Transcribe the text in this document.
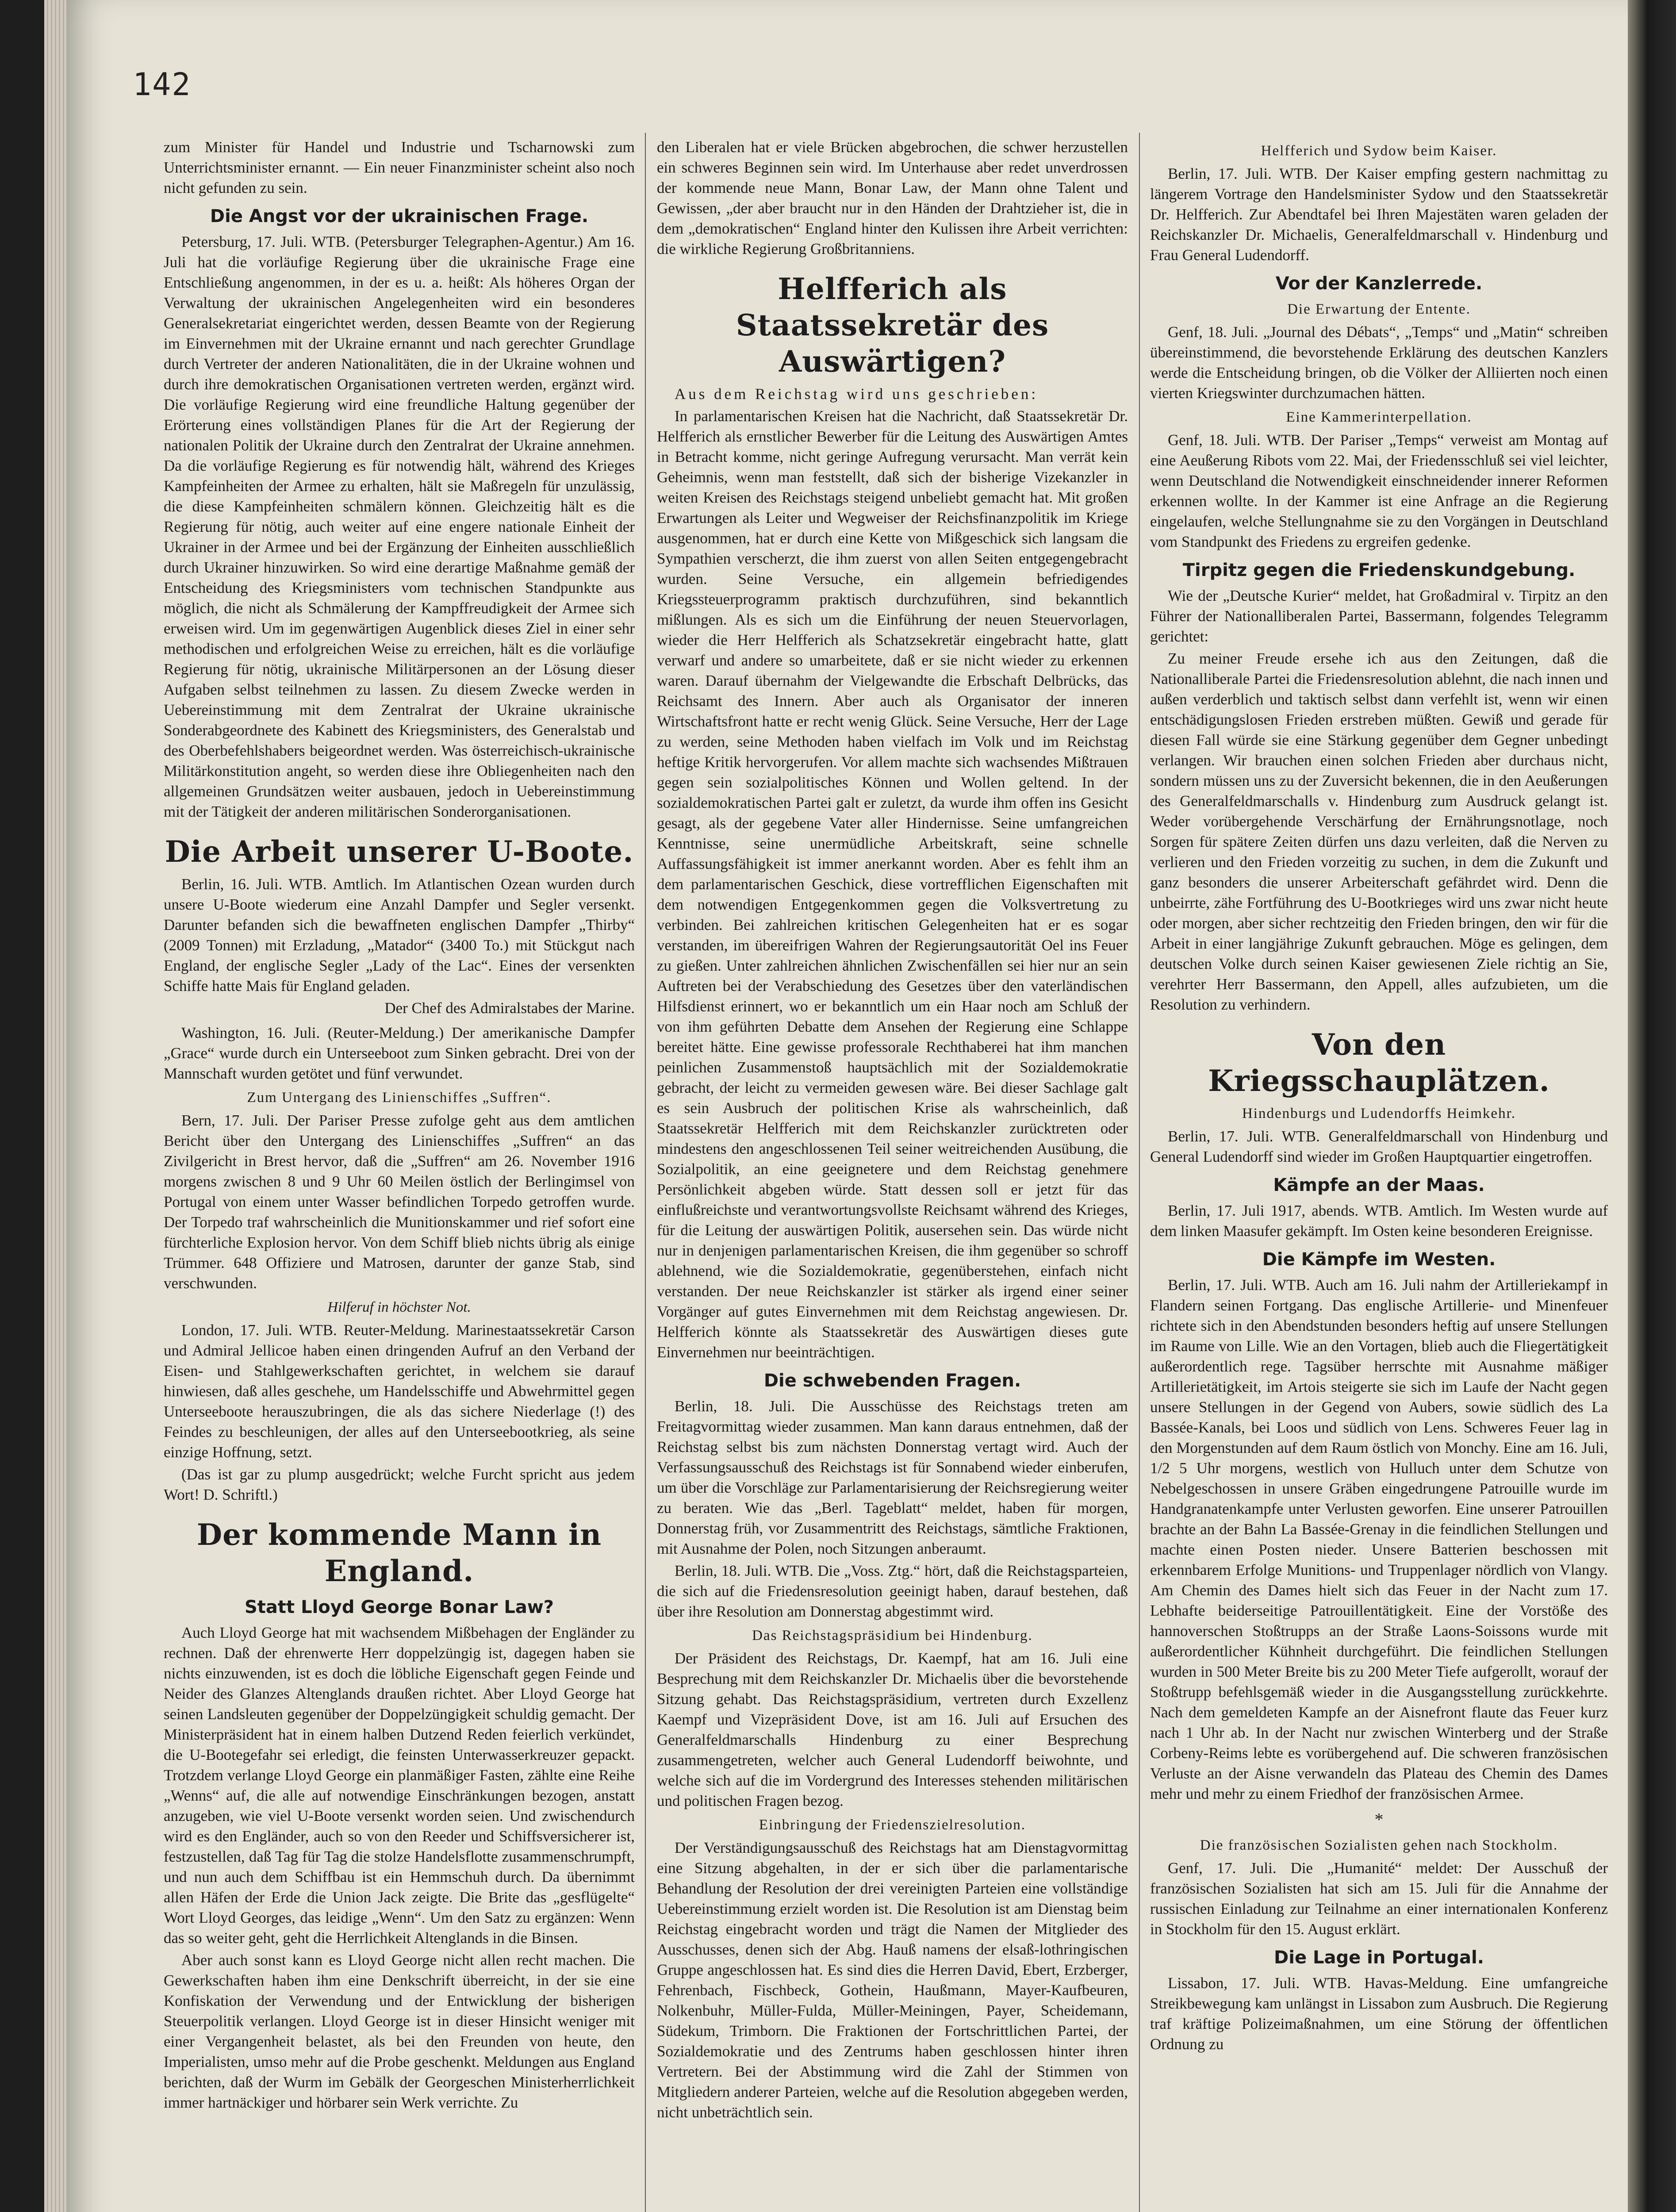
142

zum Minister für Handel und Industrie und Tscharnowski zum Unterrichtsminister ernannt. — Ein neuer Finanzminister scheint also noch nicht gefunden zu sein.

Die Angst vor der ukrainischen Frage.

Petersburg, 17. Juli. WTB. (Petersburger Telegraphen-Agentur.) Am 16. Juli hat die vorläufige Regierung über die ukrainische Frage eine Entschließung angenommen, in der es u. a. heißt: Als höheres Organ der Verwaltung der ukrainischen Angelegenheiten wird ein besonderes Generalsekretariat eingerichtet werden, dessen Beamte von der Regierung im Einvernehmen mit der Ukraine ernannt und nach gerechter Grundlage durch Vertreter der anderen Nationalitäten, die in der Ukraine wohnen und durch ihre demokratischen Organisationen vertreten werden, ergänzt wird. Die vorläufige Regierung wird eine freundliche Haltung gegenüber der Erörterung eines vollständigen Planes für die Art der Regierung der nationalen Politik der Ukraine durch den Zentralrat der Ukraine annehmen. Da die vorläufige Regierung es für notwendig hält, während des Krieges Kampfeinheiten der Armee zu erhalten, hält sie Maßregeln für unzulässig, die diese Kampfeinheiten schmälern können. Gleichzeitig hält es die Regierung für nötig, auch weiter auf eine engere nationale Einheit der Ukrainer in der Armee und bei der Ergänzung der Einheiten ausschließlich durch Ukrainer hinzuwirken. So wird eine derartige Maßnahme gemäß der Entscheidung des Kriegsministers vom technischen Standpunkte aus möglich, die nicht als Schmälerung der Kampffreudigkeit der Armee sich erweisen wird. Um im gegenwärtigen Augenblick dieses Ziel in einer sehr methodischen und erfolgreichen Weise zu erreichen, hält es die vorläufige Regierung für nötig, ukrainische Militärpersonen an der Lösung dieser Aufgaben selbst teilnehmen zu lassen. Zu diesem Zwecke werden in Uebereinstimmung mit dem Zentralrat der Ukraine ukrainische Sonderabgeordnete des Kabinett des Kriegsministers, des Generalstab und des Oberbefehlshabers beigeordnet werden. Was österreichisch-ukrainische Militärkonstitution angeht, so werden diese ihre Obliegenheiten nach den allgemeinen Grundsätzen weiter ausbauen, jedoch in Uebereinstimmung mit der Tätigkeit der anderen militärischen Sonderorganisationen.

Die Arbeit unserer U-Boote.

Berlin, 16. Juli. WTB. Amtlich. Im Atlantischen Ozean wurden durch unsere U-Boote wiederum eine Anzahl Dampfer und Segler versenkt. Darunter befanden sich die bewaffneten englischen Dampfer „Thirby“ (2009 Tonnen) mit Erzladung, „Matador“ (3400 To.) mit Stückgut nach England, der englische Segler „Lady of the Lac“. Eines der versenkten Schiffe hatte Mais für England geladen.

Der Chef des Admiralstabes der Marine.

Washington, 16. Juli. (Reuter-Meldung.) Der amerikanische Dampfer „Grace“ wurde durch ein Unterseeboot zum Sinken gebracht. Drei von der Mannschaft wurden getötet und fünf verwundet.

Zum Untergang des Linienschiffes „Suffren“.

Bern, 17. Juli. Der Pariser Presse zufolge geht aus dem amtlichen Bericht über den Untergang des Linienschiffes „Suffren“ an das Zivilgericht in Brest hervor, daß die „Suffren“ am 26. November 1916 morgens zwischen 8 und 9 Uhr 60 Meilen östlich der Berlingimsel von Portugal von einem unter Wasser befindlichen Torpedo getroffen wurde. Der Torpedo traf wahrscheinlich die Munitionskammer und rief sofort eine fürchterliche Explosion hervor. Von dem Schiff blieb nichts übrig als einige Trümmer. 648 Offiziere und Matrosen, darunter der ganze Stab, sind verschwunden.

Hilferuf in höchster Not.

London, 17. Juli. WTB. Reuter-Meldung. Marinestaatssekretär Carson und Admiral Jellicoe haben einen dringenden Aufruf an den Verband der Eisen- und Stahlgewerkschaften gerichtet, in welchem sie darauf hinwiesen, daß alles geschehe, um Handelsschiffe und Abwehrmittel gegen Unterseeboote herauszubringen, die als das sichere Niederlage (!) des Feindes zu beschleunigen, der alles auf den Unterseebootkrieg, als seine einzige Hoffnung, setzt.

(Das ist gar zu plump ausgedrückt; welche Furcht spricht aus jedem Wort! D. Schriftl.)

Der kommende Mann in England.
Statt Lloyd George Bonar Law?

Auch Lloyd George hat mit wachsendem Mißbehagen der Engländer zu rechnen. Daß der ehrenwerte Herr doppelzüngig ist, dagegen haben sie nichts einzuwenden, ist es doch die löbliche Eigenschaft gegen Feinde und Neider des Glanzes Altenglands draußen richtet. Aber Lloyd George hat seinen Landsleuten gegenüber der Doppelzüngigkeit schuldig gemacht. Der Ministerpräsident hat in einem halben Dutzend Reden feierlich verkündet, die U-Bootegefahr sei erledigt, die feinsten Unterwasserkreuzer gepackt. Trotzdem verlange Lloyd George ein planmäßiger Fasten, zählte eine Reihe „Wenns“ auf, die alle auf notwendige Einschränkungen bezogen, anstatt anzugeben, wie viel U-Boote versenkt worden seien. Und zwischendurch wird es den Engländer, auch so von den Reeder und Schiffsversicherer ist, festzustellen, daß Tag für Tag die stolze Handelsflotte zusammenschrumpft, und nun auch dem Schiffbau ist ein Hemmschuh durch. Da übernimmt allen Häfen der Erde die Union Jack zeigte. Die Brite das „gesflügelte“ Wort Lloyd Georges, das leidige „Wenn“. Um den Satz zu ergänzen: Wenn das so weiter geht, geht die Herrlichkeit Altenglands in die Binsen.

Aber auch sonst kann es Lloyd George nicht allen recht machen. Die Gewerkschaften haben ihm eine Denkschrift überreicht, in der sie eine Konfiskation der Verwendung und der Entwicklung der bisherigen Steuerpolitik verlangen. Lloyd George ist in dieser Hinsicht weniger mit einer Vergangenheit belastet, als bei den Freunden von heute, den Imperialisten, umso mehr auf die Probe geschenkt. Meldungen aus England berichten, daß der Wurm im Gebälk der Georgeschen Ministerherrlichkeit immer hartnäckiger und hörbarer sein Werk verrichte. Zu

den Liberalen hat er viele Brücken abgebrochen, die schwer herzustellen ein schweres Beginnen sein wird. Im Unterhause aber redet unverdrossen der kommende neue Mann, Bonar Law, der Mann ohne Talent und Gewissen, „der aber braucht nur in den Händen der Drahtzieher ist, die in dem „demokratischen“ England hinter den Kulissen ihre Arbeit verrichten: die wirkliche Regierung Großbritanniens.

Helfferich als Staatssekretär des Auswärtigen?

Aus dem Reichstag wird uns geschrieben:

In parlamentarischen Kreisen hat die Nachricht, daß Staatssekretär Dr. Helfferich als ernstlicher Bewerber für die Leitung des Auswärtigen Amtes in Betracht komme, nicht geringe Aufregung verursacht. Man verrät kein Geheimnis, wenn man feststellt, daß sich der bisherige Vizekanzler in weiten Kreisen des Reichstags steigend unbeliebt gemacht hat. Mit großen Erwartungen als Leiter und Wegweiser der Reichsfinanzpolitik im Kriege ausgenommen, hat er durch eine Kette von Mißgeschick sich langsam die Sympathien verscherzt, die ihm zuerst von allen Seiten entgegengebracht wurden. Seine Versuche, ein allgemein befriedigendes Kriegssteuerprogramm praktisch durchzuführen, sind bekanntlich mißlungen. Als es sich um die Einführung der neuen Steuervorlagen, wieder die Herr Helfferich als Schatzsekretär eingebracht hatte, glatt verwarf und andere so umarbeitete, daß er sie nicht wieder zu erkennen waren. Darauf übernahm der Vielgewandte die Erbschaft Delbrücks, das Reichsamt des Innern. Aber auch als Organisator der inneren Wirtschaftsfront hatte er recht wenig Glück. Seine Versuche, Herr der Lage zu werden, seine Methoden haben vielfach im Volk und im Reichstag heftige Kritik hervorgerufen. Vor allem machte sich wachsendes Mißtrauen gegen sein sozialpolitisches Können und Wollen geltend. In der sozialdemokratischen Partei galt er zuletzt, da wurde ihm offen ins Gesicht gesagt, als der gegebene Vater aller Hindernisse. Seine umfangreichen Kenntnisse, seine unermüdliche Arbeitskraft, seine schnelle Auffassungsfähigkeit ist immer anerkannt worden. Aber es fehlt ihm an dem parlamentarischen Geschick, diese vortrefflichen Eigenschaften mit dem notwendigen Entgegenkommen gegen die Volksvertretung zu verbinden. Bei zahlreichen kritischen Gelegenheiten hat er es sogar verstanden, im übereifrigen Wahren der Regierungsautorität Oel ins Feuer zu gießen. Unter zahlreichen ähnlichen Zwischenfällen sei hier nur an sein Auftreten bei der Verabschiedung des Gesetzes über den vaterländischen Hilfsdienst erinnert, wo er bekanntlich um ein Haar noch am Schluß der von ihm geführten Debatte dem Ansehen der Regierung eine Schlappe bereitet hätte. Eine gewisse professorale Rechthaberei hat ihm manchen peinlichen Zusammenstoß hauptsächlich mit der Sozialdemokratie gebracht, der leicht zu vermeiden gewesen wäre. Bei dieser Sachlage galt es sein Ausbruch der politischen Krise als wahrscheinlich, daß Staatssekretär Helfferich mit dem Reichskanzler zurücktreten oder mindestens den angeschlossenen Teil seiner weitreichenden Ausübung, die Sozialpolitik, an eine geeignetere und dem Reichstag genehmere Persönlichkeit abgeben würde. Statt dessen soll er jetzt für das einflußreichste und verantwortungsvollste Reichsamt während des Krieges, für die Leitung der auswärtigen Politik, ausersehen sein. Das würde nicht nur in denjenigen parlamentarischen Kreisen, die ihm gegenüber so schroff ablehnend, wie die Sozialdemokratie, gegenüberstehen, einfach nicht verstanden. Der neue Reichskanzler ist stärker als irgend einer seiner Vorgänger auf gutes Einvernehmen mit dem Reichstag angewiesen. Dr. Helfferich könnte als Staatssekretär des Auswärtigen dieses gute Einvernehmen nur beeinträchtigen.

Die schwebenden Fragen.

Berlin, 18. Juli. Die Ausschüsse des Reichstags treten am Freitagvormittag wieder zusammen. Man kann daraus entnehmen, daß der Reichstag selbst bis zum nächsten Donnerstag vertagt wird. Auch der Verfassungsausschuß des Reichstags ist für Sonnabend wieder einberufen, um über die Vorschläge zur Parlamentarisierung der Reichsregierung weiter zu beraten. Wie das „Berl. Tageblatt“ meldet, haben für morgen, Donnerstag früh, vor Zusammentritt des Reichstags, sämtliche Fraktionen, mit Ausnahme der Polen, noch Sitzungen anberaumt.

Berlin, 18. Juli. WTB. Die „Voss. Ztg.“ hört, daß die Reichstagsparteien, die sich auf die Friedensresolution geeinigt haben, darauf bestehen, daß über ihre Resolution am Donnerstag abgestimmt wird.

Das Reichstagspräsidium bei Hindenburg.

Der Präsident des Reichstags, Dr. Kaempf, hat am 16. Juli eine Besprechung mit dem Reichskanzler Dr. Michaelis über die bevorstehende Sitzung gehabt. Das Reichstagspräsidium, vertreten durch Exzellenz Kaempf und Vizepräsident Dove, ist am 16. Juli auf Ersuchen des Generalfeldmarschalls Hindenburg zu einer Besprechung zusammengetreten, welcher auch General Ludendorff beiwohnte, und welche sich auf die im Vordergrund des Interesses stehenden militärischen und politischen Fragen bezog.

Einbringung der Friedenszielresolution.

Der Verständigungsausschuß des Reichstags hat am Dienstagvormittag eine Sitzung abgehalten, in der er sich über die parlamentarische Behandlung der Resolution der drei vereinigten Parteien eine vollständige Uebereinstimmung erzielt worden ist. Die Resolution ist am Dienstag beim Reichstag eingebracht worden und trägt die Namen der Mitglieder des Ausschusses, denen sich der Abg. Hauß namens der elsaß-lothringischen Gruppe angeschlossen hat. Es sind dies die Herren David, Ebert, Erzberger, Fehrenbach, Fischbeck, Gothein, Haußmann, Mayer-Kaufbeuren, Nolkenbuhr, Müller-Fulda, Müller-Meiningen, Payer, Scheidemann, Südekum, Trimborn. Die Fraktionen der Fortschrittlichen Partei, der Sozialdemokratie und des Zentrums haben geschlossen hinter ihren Vertretern. Bei der Abstimmung wird die Zahl der Stimmen von Mitgliedern anderer Parteien, welche auf die Resolution abgegeben werden, nicht unbeträchtlich sein.

Helfferich und Sydow beim Kaiser.

Berlin, 17. Juli. WTB. Der Kaiser empfing gestern nachmittag zu längerem Vortrage den Handelsminister Sydow und den Staatssekretär Dr. Helfferich. Zur Abendtafel bei Ihren Majestäten waren geladen der Reichskanzler Dr. Michaelis, Generalfeldmarschall v. Hindenburg und Frau General Ludendorff.

Vor der Kanzlerrede.
Die Erwartung der Entente.

Genf, 18. Juli. „Journal des Débats“, „Temps“ und „Matin“ schreiben übereinstimmend, die bevorstehende Erklärung des deutschen Kanzlers werde die Entscheidung bringen, ob die Völker der Alliierten noch einen vierten Kriegswinter durchzumachen hätten.

Eine Kammerinterpellation.

Genf, 18. Juli. WTB. Der Pariser „Temps“ verweist am Montag auf eine Aeußerung Ribots vom 22. Mai, der Friedensschluß sei viel leichter, wenn Deutschland die Notwendigkeit einschneidender innerer Reformen erkennen wollte. In der Kammer ist eine Anfrage an die Regierung eingelaufen, welche Stellungnahme sie zu den Vorgängen in Deutschland vom Standpunkt des Friedens zu ergreifen gedenke.

Tirpitz gegen die Friedenskundgebung.

Wie der „Deutsche Kurier“ meldet, hat Großadmiral v. Tirpitz an den Führer der Nationalliberalen Partei, Bassermann, folgendes Telegramm gerichtet:

Zu meiner Freude ersehe ich aus den Zeitungen, daß die Nationalliberale Partei die Friedensresolution ablehnt, die nach innen und außen verderblich und taktisch selbst dann verfehlt ist, wenn wir einen entschädigungslosen Frieden erstreben müßten. Gewiß und gerade für diesen Fall würde sie eine Stärkung gegenüber dem Gegner unbedingt verlangen. Wir brauchen einen solchen Frieden aber durchaus nicht, sondern müssen uns zu der Zuversicht bekennen, die in den Aeußerungen des Generalfeldmarschalls v. Hindenburg zum Ausdruck gelangt ist. Weder vorübergehende Verschärfung der Ernährungsnotlage, noch Sorgen für spätere Zeiten dürfen uns dazu verleiten, daß die Nerven zu verlieren und den Frieden vorzeitig zu suchen, in dem die Zukunft und ganz besonders die unserer Arbeiterschaft gefährdet wird. Denn die unbeirrte, zähe Fortführung des U-Bootkrieges wird uns zwar nicht heute oder morgen, aber sicher rechtzeitig den Frieden bringen, den wir für die Arbeit in einer langjährige Zukunft gebrauchen. Möge es gelingen, dem deutschen Volke durch seinen Kaiser gewiesenen Ziele richtig an Sie, verehrter Herr Bassermann, den Appell, alles aufzubieten, um die Resolution zu verhindern.

Von den Kriegsschauplätzen.
Hindenburgs und Ludendorffs Heimkehr.

Berlin, 17. Juli. WTB. Generalfeldmarschall von Hindenburg und General Ludendorff sind wieder im Großen Hauptquartier eingetroffen.

Kämpfe an der Maas.

Berlin, 17. Juli 1917, abends. WTB. Amtlich. Im Westen wurde auf dem linken Maasufer gekämpft. Im Osten keine besonderen Ereignisse.

Die Kämpfe im Westen.

Berlin, 17. Juli. WTB. Auch am 16. Juli nahm der Artilleriekampf in Flandern seinen Fortgang. Das englische Artillerie- und Minenfeuer richtete sich in den Abendstunden besonders heftig auf unsere Stellungen im Raume von Lille. Wie an den Vortagen, blieb auch die Fliegertätigkeit außerordentlich rege. Tagsüber herrschte mit Ausnahme mäßiger Artillerietätigkeit, im Artois steigerte sie sich im Laufe der Nacht gegen unsere Stellungen in der Gegend von Aubers, sowie südlich des La Bassée-Kanals, bei Loos und südlich von Lens. Schweres Feuer lag in den Morgenstunden auf dem Raum östlich von Monchy. Eine am 16. Juli, 1/2 5 Uhr morgens, westlich von Hulluch unter dem Schutze von Nebelgeschossen in unsere Gräben eingedrungene Patrouille wurde im Handgranatenkampfe unter Verlusten geworfen. Eine unserer Patrouillen brachte an der Bahn La Bassée-Grenay in die feindlichen Stellungen und machte einen Posten nieder. Unsere Batterien beschossen mit erkennbarem Erfolge Munitions- und Truppenlager nördlich von Vlangy. Am Chemin des Dames hielt sich das Feuer in der Nacht zum 17. Lebhafte beiderseitige Patrouillentätigkeit. Eine der Vorstöße des hannoverschen Stoßtrupps an der Straße Laons-Soissons wurde mit außerordentlicher Kühnheit durchgeführt. Die feindlichen Stellungen wurden in 500 Meter Breite bis zu 200 Meter Tiefe aufgerollt, worauf der Stoßtrupp befehlsgemäß wieder in die Ausgangsstellung zurückkehrte. Nach dem gemeldeten Kampfe an der Aisnefront flaute das Feuer kurz nach 1 Uhr ab. In der Nacht nur zwischen Winterberg und der Straße Corbeny-Reims lebte es vorübergehend auf. Die schweren französischen Verluste an der Aisne verwandeln das Plateau des Chemin des Dames mehr und mehr zu einem Friedhof der französischen Armee.

*
Die französischen Sozialisten gehen nach Stockholm.

Genf, 17. Juli. Die „Humanité“ meldet: Der Ausschuß der französischen Sozialisten hat sich am 15. Juli für die Annahme der russischen Einladung zur Teilnahme an einer internationalen Konferenz in Stockholm für den 15. August erklärt.

Die Lage in Portugal.

Lissabon, 17. Juli. WTB. Havas-Meldung. Eine umfangreiche Streikbewegung kam unlängst in Lissabon zum Ausbruch. Die Regierung traf kräftige Polizeimaßnahmen, um eine Störung der öffentlichen Ordnung zu
